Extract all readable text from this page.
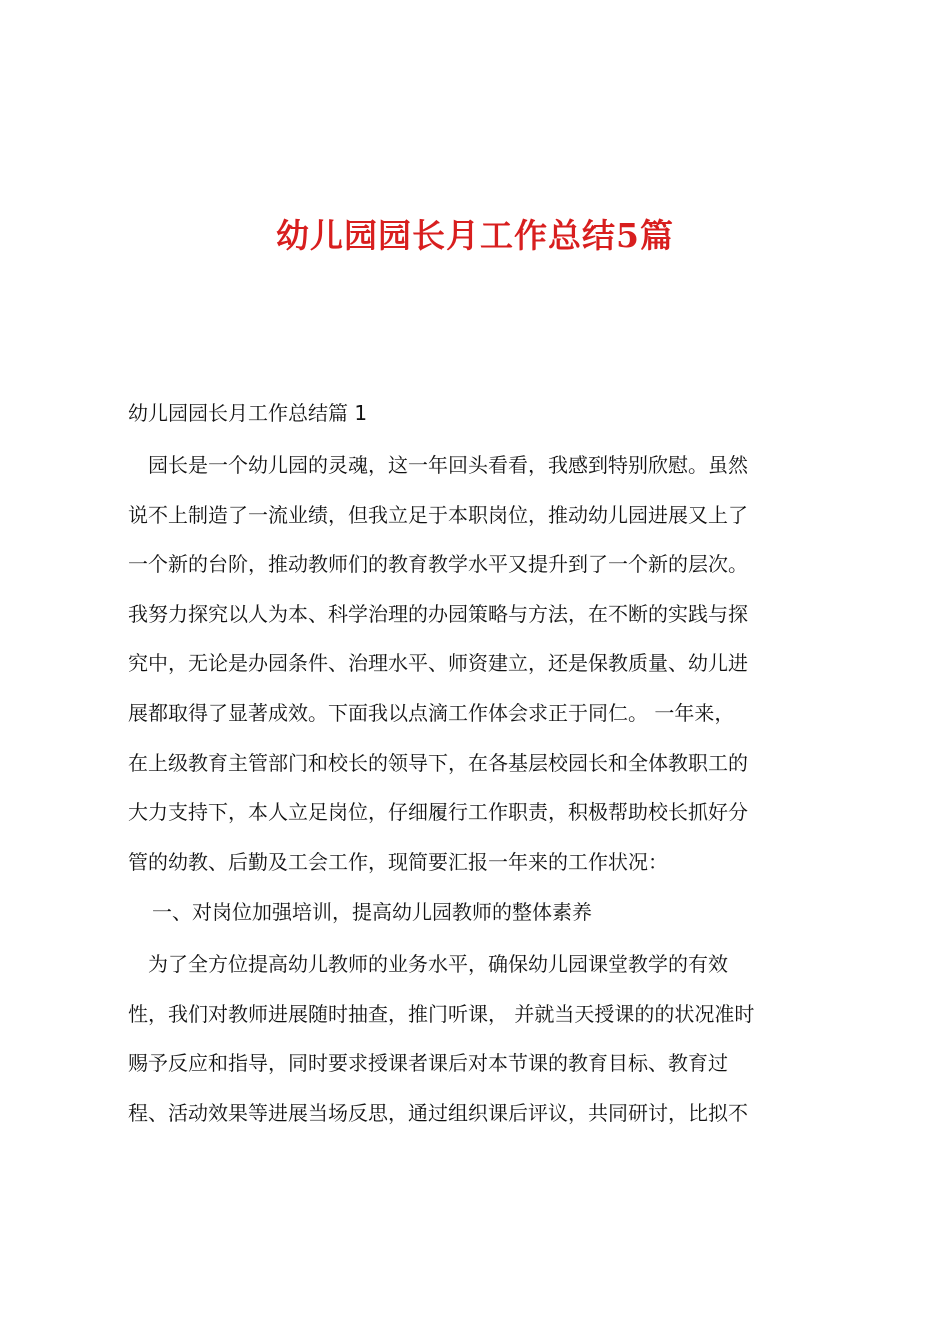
幼儿园园长月工作总结5篇
幼儿园园长月工作总结篇 1
　园长是一个幼儿园的灵魂，这一年回头看看，我感到特别欣慰。虽然
说不上制造了一流业绩，但我立足于本职岗位，推动幼儿园进展又上了
一个新的台阶，推动教师们的教育教学水平又提升到了一个新的层次。
我努力探究以人为本、科学治理的办园策略与方法，在不断的实践与探
究中，无论是办园条件、治理水平、师资建立，还是保教质量、幼儿进
展都取得了显著成效。下面我以点滴工作体会求正于同仁。 一年来，
在上级教育主管部门和校长的领导下，在各基层校园长和全体教职工的
大力支持下，本人立足岗位，仔细履行工作职责，积极帮助校长抓好分
管的幼教、后勤及工会工作，现简要汇报一年来的工作状况：
一、对岗位加强培训，提高幼儿园教师的整体素养
　为了全方位提高幼儿教师的业务水平，确保幼儿园课堂教学的有效
性，我们对教师进展随时抽查，推门听课， 并就当天授课的的状况准时
赐予反应和指导，同时要求授课者课后对本节课的教育目标、教育过
程、活动效果等进展当场反思，通过组织课后评议，共同研讨，比拟不
